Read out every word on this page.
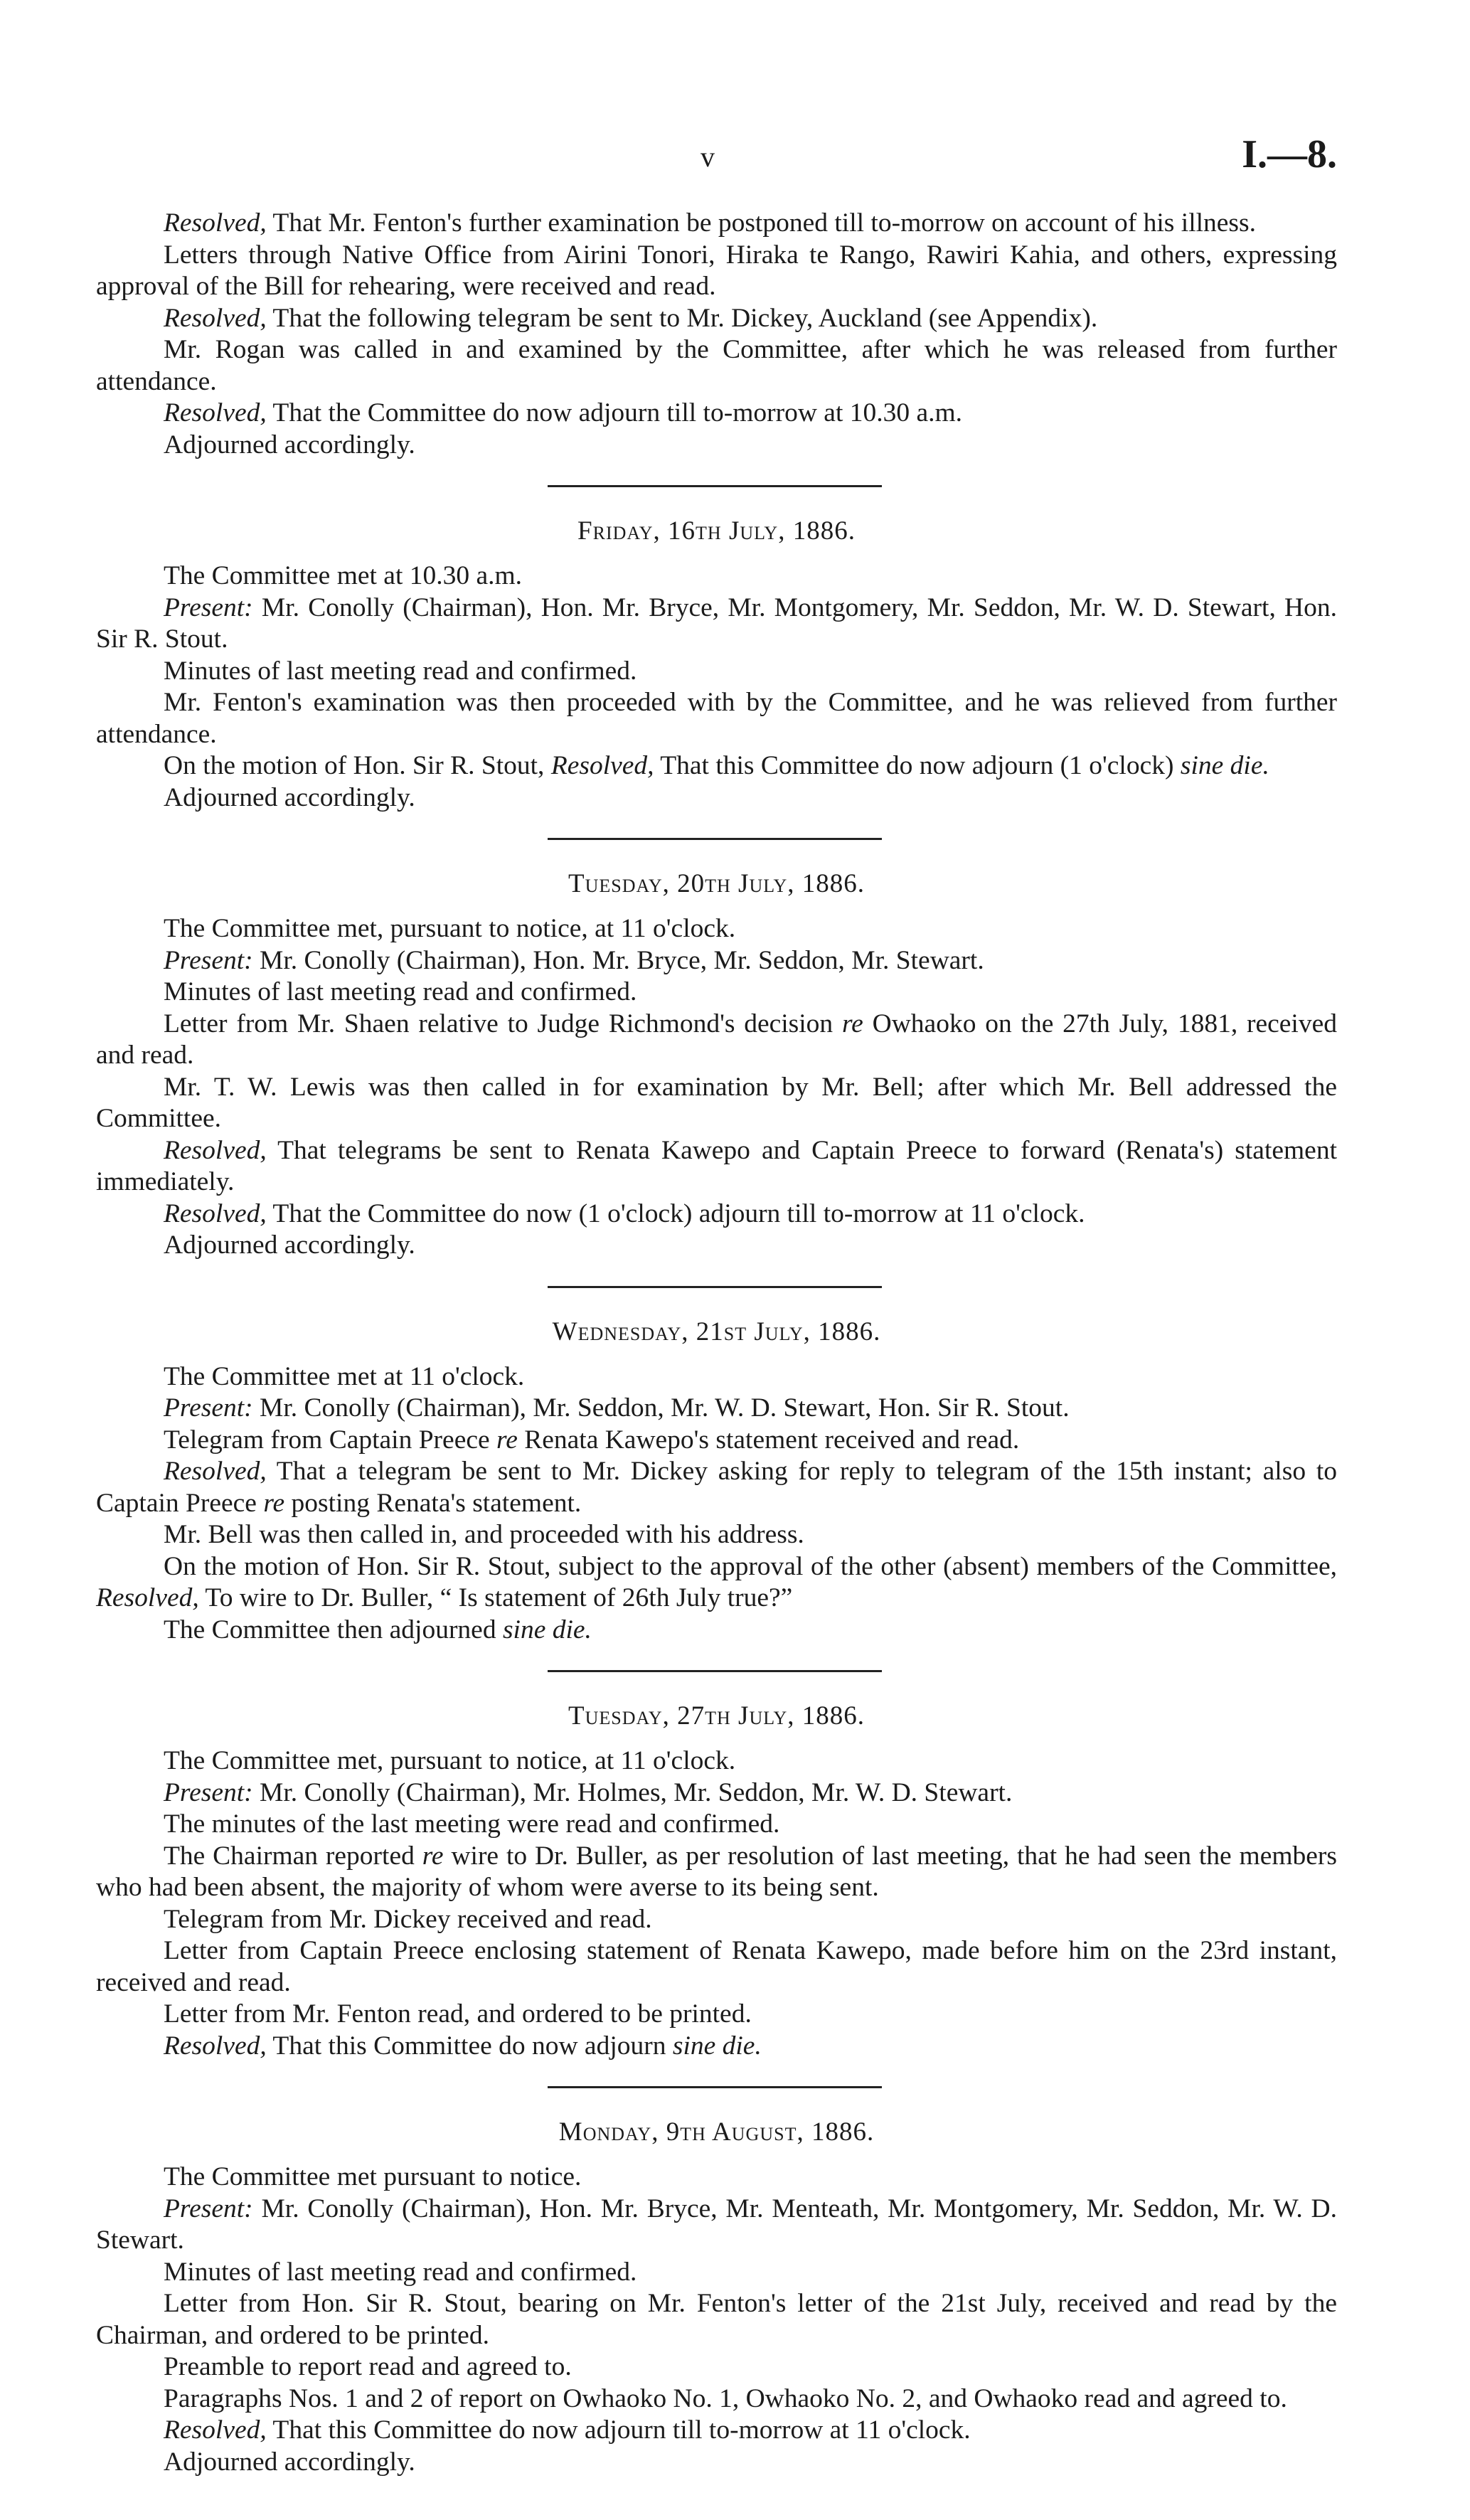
v	I.—8.

Resolved, That Mr. Fenton's further examination be postponed till to-morrow on account of his illness.

Letters through Native Office from Airini Tonori, Hiraka te Rango, Rawiri Kahia, and others, expressing approval of the Bill for rehearing, were received and read.

Resolved, That the following telegram be sent to Mr. Dickey, Auckland (see Appendix).

Mr. Rogan was called in and examined by the Committee, after which he was released from further attendance.

Resolved, That the Committee do now adjourn till to-morrow at 10.30 a.m.

Adjourned accordingly.

Friday, 16th July, 1886.

The Committee met at 10.30 a.m.

Present: Mr. Conolly (Chairman), Hon. Mr. Bryce, Mr. Montgomery, Mr. Seddon, Mr. W. D. Stewart, Hon. Sir R. Stout.

Minutes of last meeting read and confirmed.

Mr. Fenton's examination was then proceeded with by the Committee, and he was relieved from further attendance.

On the motion of Hon. Sir R. Stout, Resolved, That this Committee do now adjourn (1 o'clock) sine die.

Adjourned accordingly.

Tuesday, 20th July, 1886.

The Committee met, pursuant to notice, at 11 o'clock.

Present: Mr. Conolly (Chairman), Hon. Mr. Bryce, Mr. Seddon, Mr. Stewart.

Minutes of last meeting read and confirmed.

Letter from Mr. Shaen relative to Judge Richmond's decision re Owhaoko on the 27th July, 1881, received and read.

Mr. T. W. Lewis was then called in for examination by Mr. Bell; after which Mr. Bell addressed the Committee.

Resolved, That telegrams be sent to Renata Kawepo and Captain Preece to forward (Renata's) statement immediately.

Resolved, That the Committee do now (1 o'clock) adjourn till to-morrow at 11 o'clock.

Adjourned accordingly.

Wednesday, 21st July, 1886.

The Committee met at 11 o'clock.

Present: Mr. Conolly (Chairman), Mr. Seddon, Mr. W. D. Stewart, Hon. Sir R. Stout.

Telegram from Captain Preece re Renata Kawepo's statement received and read.

Resolved, That a telegram be sent to Mr. Dickey asking for reply to telegram of the 15th instant; also to Captain Preece re posting Renata's statement.

Mr. Bell was then called in, and proceeded with his address.

On the motion of Hon. Sir R. Stout, subject to the approval of the other (absent) members of the Committee, Resolved, To wire to Dr. Buller, “ Is statement of 26th July true?”

The Committee then adjourned sine die.

Tuesday, 27th July, 1886.

The Committee met, pursuant to notice, at 11 o'clock.

Present: Mr. Conolly (Chairman), Mr. Holmes, Mr. Seddon, Mr. W. D. Stewart.

The minutes of the last meeting were read and confirmed.

The Chairman reported re wire to Dr. Buller, as per resolution of last meeting, that he had seen the members who had been absent, the majority of whom were averse to its being sent.

Telegram from Mr. Dickey received and read.

Letter from Captain Preece enclosing statement of Renata Kawepo, made before him on the 23rd instant, received and read.

Letter from Mr. Fenton read, and ordered to be printed.

Resolved, That this Committee do now adjourn sine die.

Monday, 9th August, 1886.

The Committee met pursuant to notice.

Present: Mr. Conolly (Chairman), Hon. Mr. Bryce, Mr. Menteath, Mr. Montgomery, Mr. Seddon, Mr. W. D. Stewart.

Minutes of last meeting read and confirmed.

Letter from Hon. Sir R. Stout, bearing on Mr. Fenton's letter of the 21st July, received and read by the Chairman, and ordered to be printed.

Preamble to report read and agreed to.

Paragraphs Nos. 1 and 2 of report on Owhaoko No. 1, Owhaoko No. 2, and Owhaoko read and agreed to.

Resolved, That this Committee do now adjourn till to-morrow at 11 o'clock.

Adjourned accordingly.
